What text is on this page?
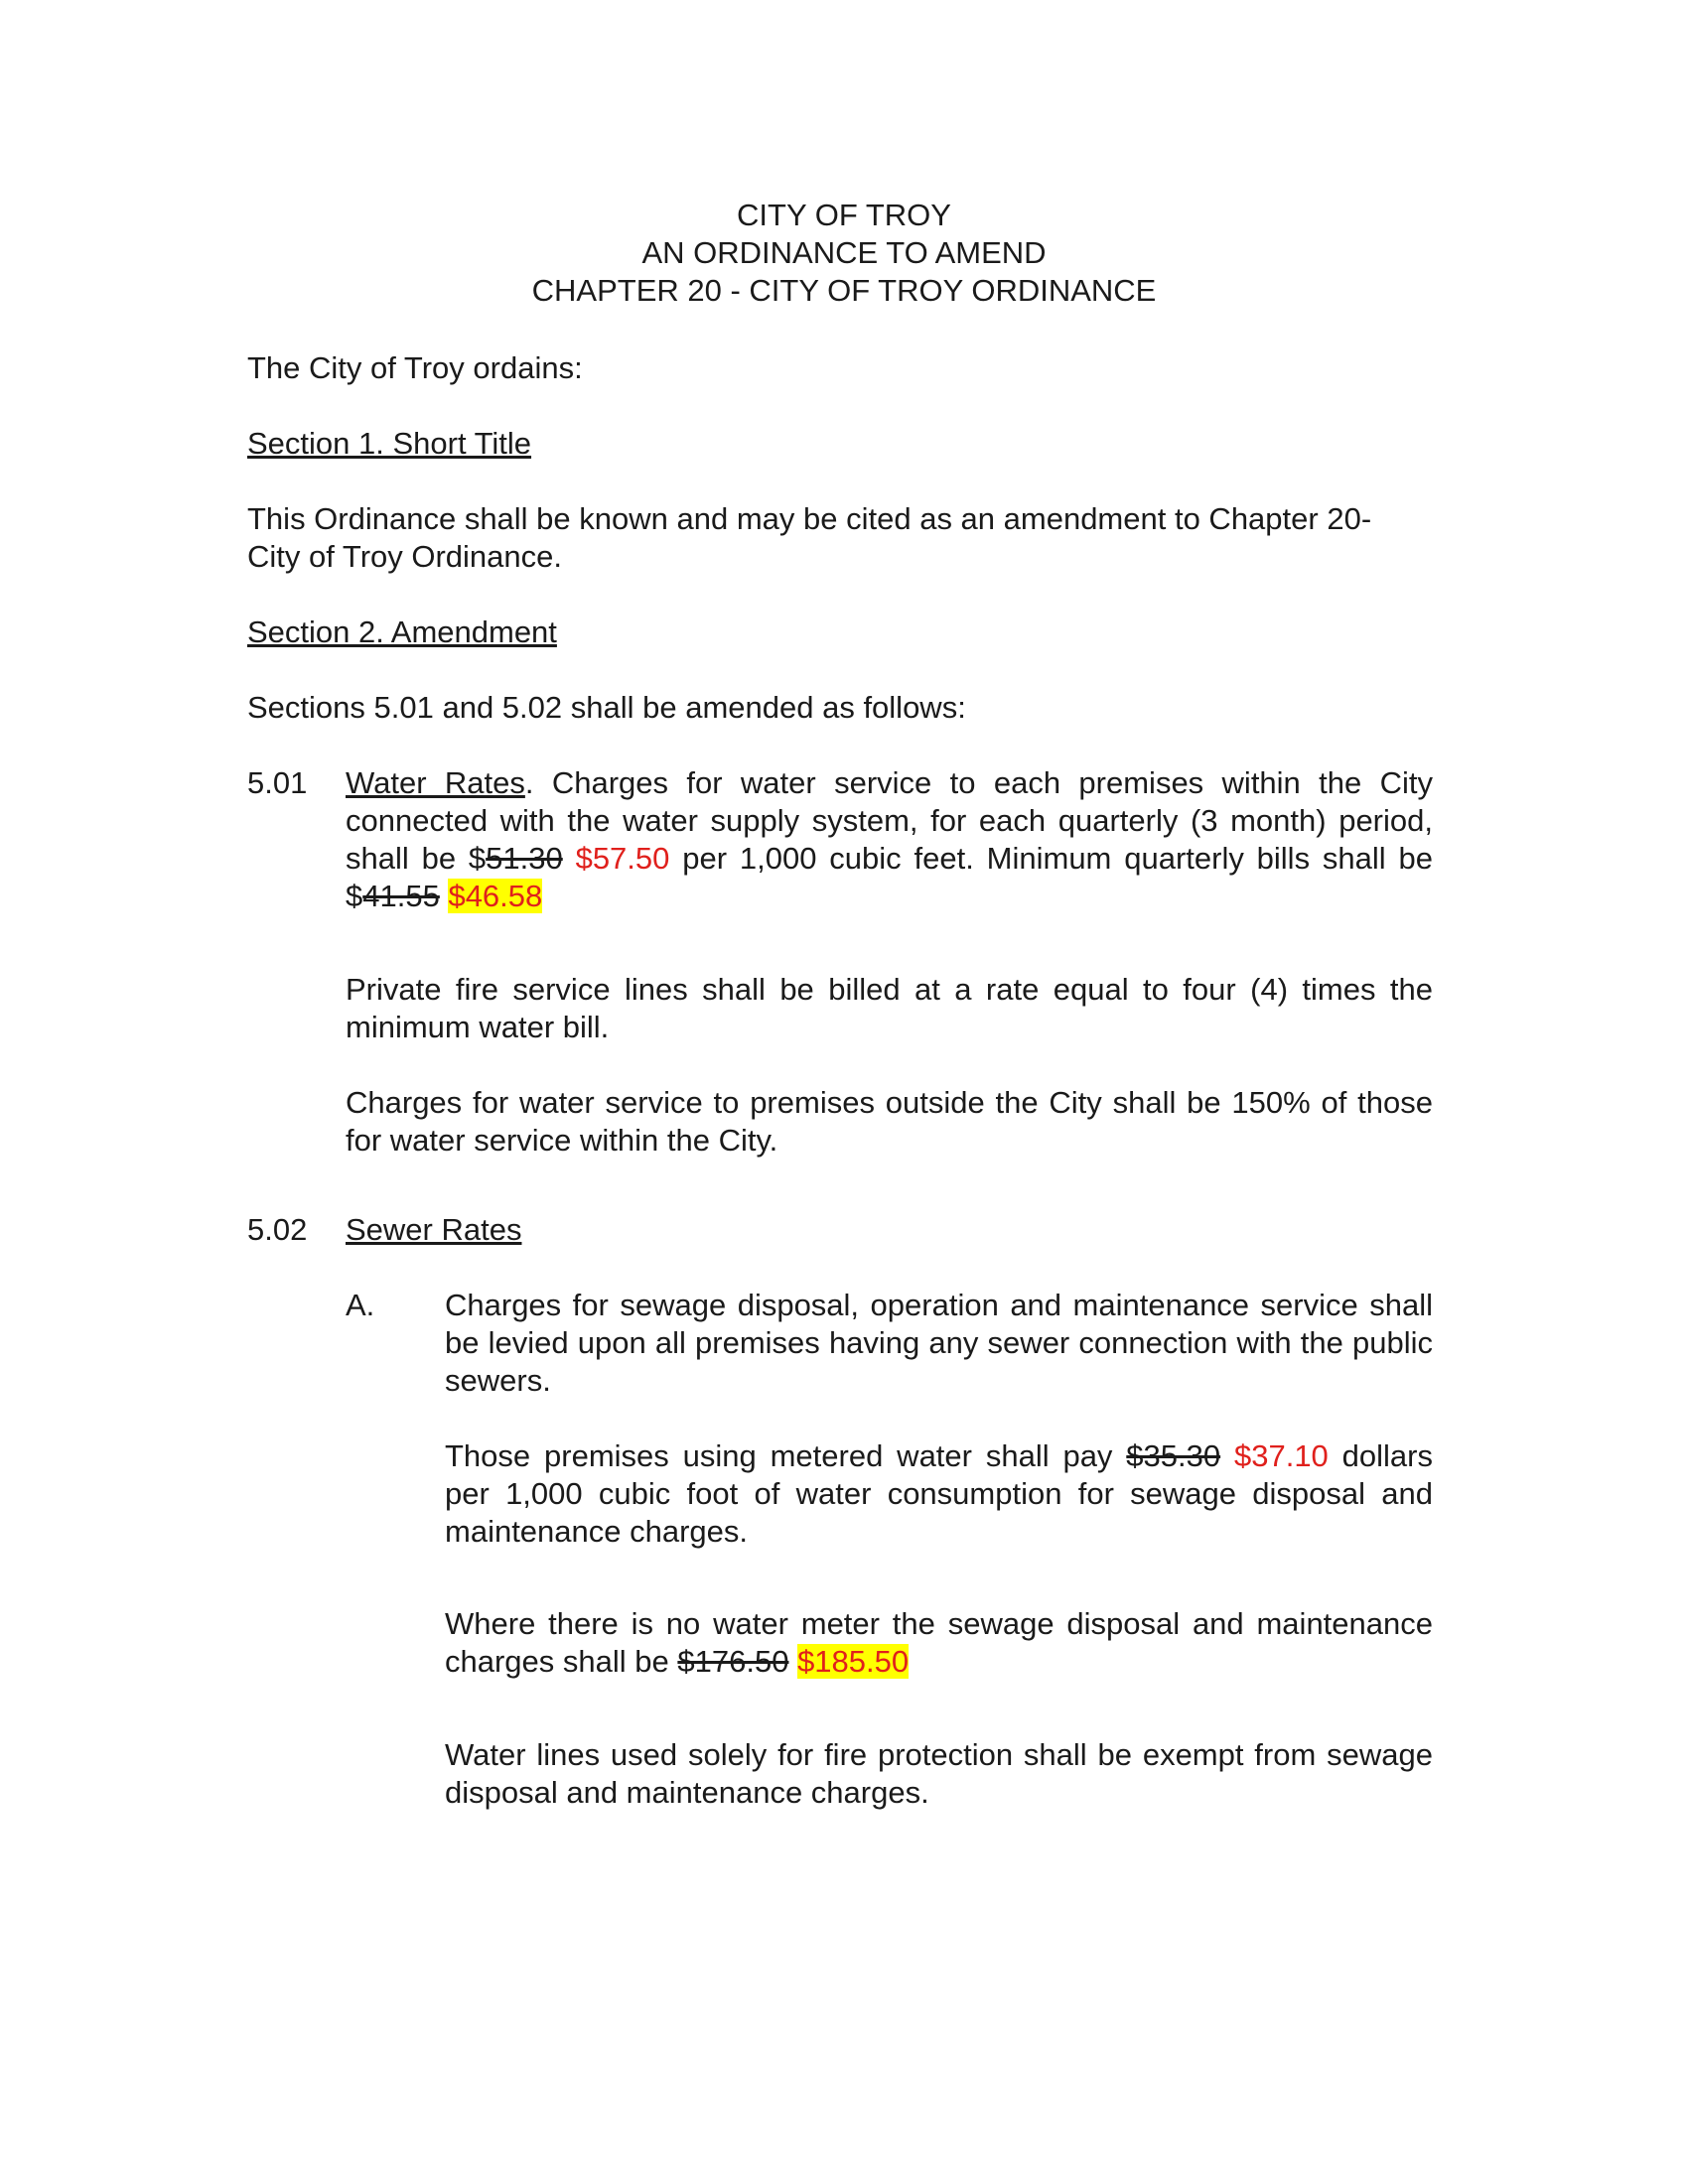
CITY OF TROY
AN ORDINANCE TO AMEND
CHAPTER 20 - CITY OF TROY ORDINANCE
The City of Troy ordains:
Section 1. Short Title
This Ordinance shall be known and may be cited as an amendment to Chapter 20-
City of Troy Ordinance.
Section 2. Amendment
Sections 5.01 and 5.02 shall be amended as follows:
5.01 Water Rates. Charges for water service to each premises within the City connected with the water supply system, for each quarterly (3 month) period, shall be $51.30 $57.50 per 1,000 cubic feet. Minimum quarterly bills shall be $41.55 $46.58
Private fire service lines shall be billed at a rate equal to four (4) times the minimum water bill.
Charges for water service to premises outside the City shall be 150% of those for water service within the City.
5.02 Sewer Rates
A.	Charges for sewage disposal, operation and maintenance service shall be levied upon all premises having any sewer connection with the public sewers.
Those premises using metered water shall pay $35.30 $37.10 dollars per 1,000 cubic foot of water consumption for sewage disposal and maintenance charges.
Where there is no water meter the sewage disposal and maintenance charges shall be $176.50 $185.50
Water lines used solely for fire protection shall be exempt from sewage disposal and maintenance charges.
